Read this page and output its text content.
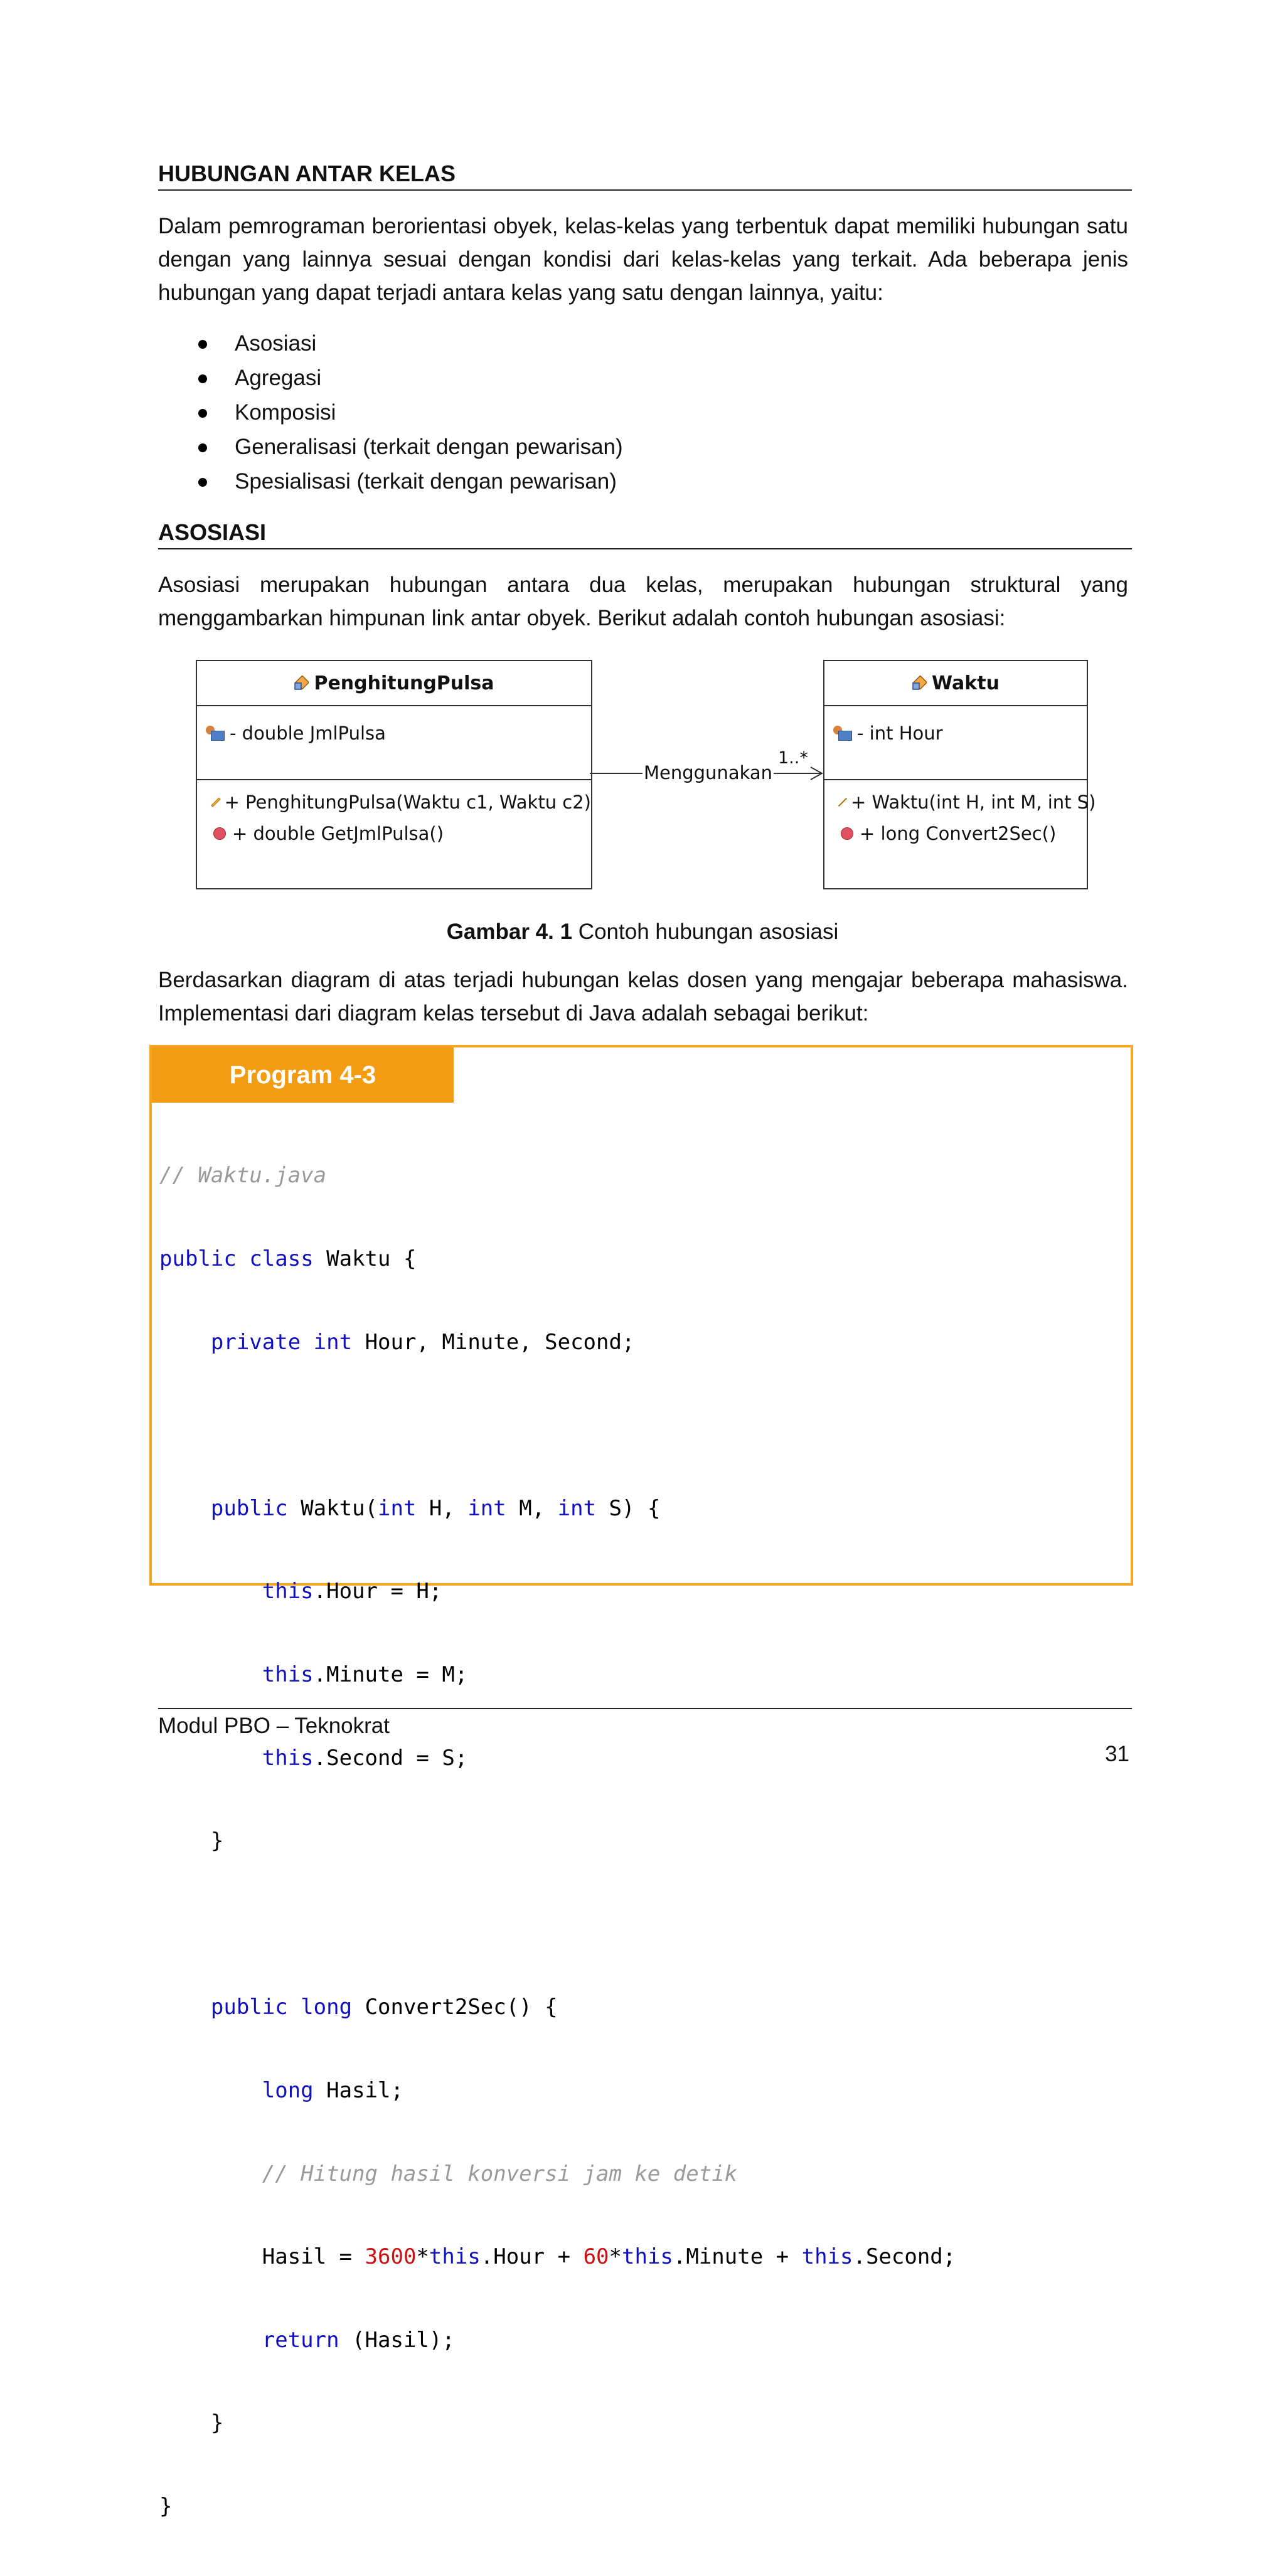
HUBUNGAN ANTAR KELAS
Dalam pemrograman berorientasi obyek, kelas-kelas yang terbentuk dapat memiliki hubungan satu dengan yang lainnya sesuai dengan kondisi dari kelas-kelas yang terkait. Ada beberapa jenis hubungan yang dapat terjadi antara kelas yang satu dengan lainnya, yaitu:
Asosiasi
Agregasi
Komposisi
Generalisasi (terkait dengan pewarisan)
Spesialisasi (terkait dengan pewarisan)
ASOSIASI
Asosiasi merupakan hubungan antara dua kelas, merupakan hubungan struktural yang
menggambarkan himpunan link antar obyek. Berikut adalah contoh hubungan asosiasi:
PenghitungPulsa
- double JmlPulsa
+ PenghitungPulsa(Waktu c1, Waktu c2)
+ double GetJmlPulsa()
Waktu
- int Hour
+ Waktu(int H, int M, int S)
+ long Convert2Sec()
Menggunakan
1..*
Gambar 4. 1 Contoh hubungan asosiasi
Berdasarkan diagram di atas terjadi hubungan kelas dosen yang mengajar beberapa mahasiswa. Implementasi dari diagram kelas tersebut di Java adalah sebagai berikut:
Program 4-3

// Waktu.java

public class Waktu {

private int Hour, Minute, Second;

public Waktu(int H, int M, int S) {

this.Hour = H;

this.Minute = M;

this.Second = S;

}

public long Convert2Sec() {

long Hasil;

// Hitung hasil konversi jam ke detik

Hasil = 3600*this.Hour + 60*this.Minute + this.Second;

return (Hasil);

}

}

Modul PBO – Teknokrat
31
